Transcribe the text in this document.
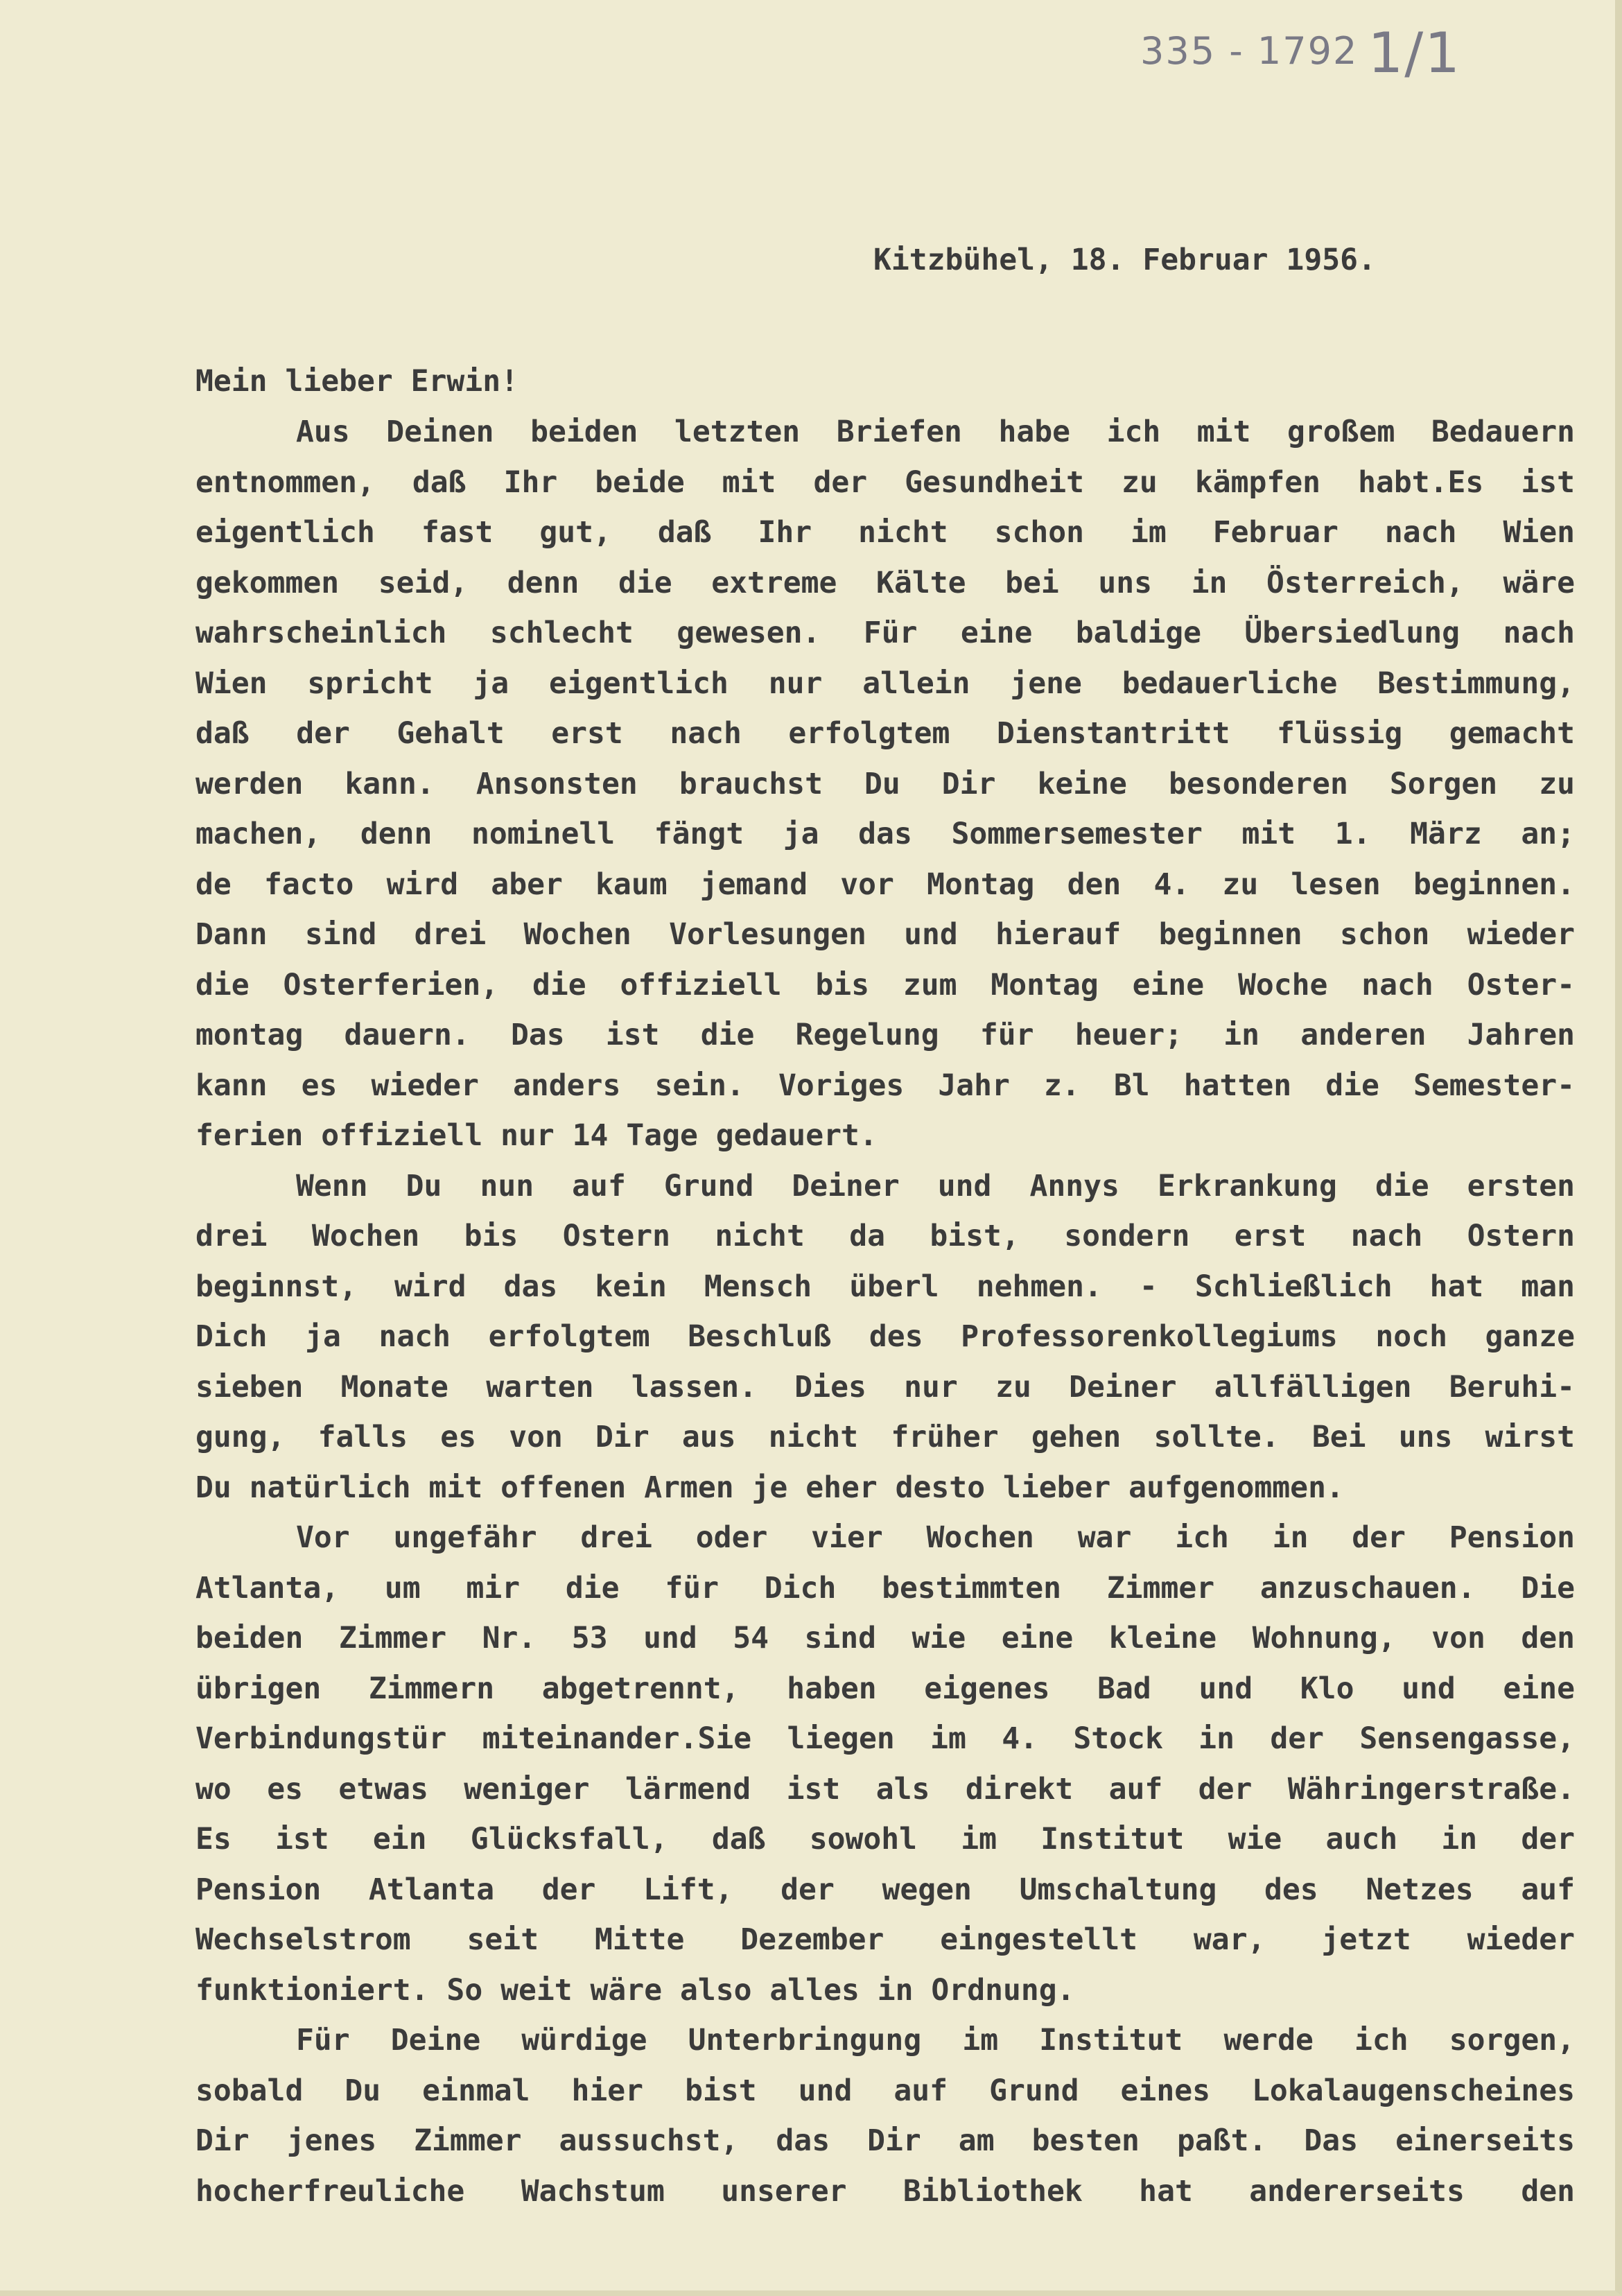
335 - 1792 1/1
Kitzbühel, 18. Februar 1956.
Mein lieber Erwin!
Aus Deinen beiden letzten Briefen habe ich mit großem Bedauern
entnommen, daß Ihr beide mit der Gesundheit zu kämpfen habt.Es ist
eigentlich fast gut, daß Ihr nicht schon im Februar nach Wien
gekommen seid, denn die extreme Kälte bei uns in Österreich, wäre
wahrscheinlich schlecht gewesen. Für eine baldige Übersiedlung nach
Wien spricht ja eigentlich nur allein jene bedauerliche Bestimmung,
daß der Gehalt erst nach erfolgtem Dienstantritt flüssig gemacht
werden kann. Ansonsten brauchst Du Dir keine besonderen Sorgen zu
machen, denn nominell fängt ja das Sommersemester mit 1. März an;
de facto wird aber kaum jemand vor Montag den 4. zu lesen beginnen.
Dann sind drei Wochen Vorlesungen und hierauf beginnen schon wieder
die Osterferien, die offiziell bis zum Montag eine Woche nach Oster-
montag dauern. Das ist die Regelung für heuer; in anderen Jahren
kann es wieder anders sein. Voriges Jahr z. Bl hatten die Semester-
ferien offiziell nur 14 Tage gedauert.
Wenn Du nun auf Grund Deiner und Annys Erkrankung die ersten
drei Wochen bis Ostern nicht da bist, sondern erst nach Ostern
beginnst, wird das kein Mensch überl nehmen. - Schließlich hat man
Dich ja nach erfolgtem Beschluß des Professorenkollegiums noch ganze
sieben Monate warten lassen. Dies nur zu Deiner allfälligen Beruhi-
gung, falls es von Dir aus nicht früher gehen sollte. Bei uns wirst
Du natürlich mit offenen Armen je eher desto lieber aufgenommen.
Vor ungefähr drei oder vier Wochen war ich in der Pension
Atlanta, um mir die für Dich bestimmten Zimmer anzuschauen. Die
beiden Zimmer Nr. 53 und 54 sind wie eine kleine Wohnung, von den
übrigen Zimmern abgetrennt, haben eigenes Bad und Klo und eine
Verbindungstür miteinander.Sie liegen im 4. Stock in der Sensengasse,
wo es etwas weniger lärmend ist als direkt auf der Währingerstraße.
Es ist ein Glücksfall, daß sowohl im Institut wie auch in der
Pension Atlanta der Lift, der wegen Umschaltung des Netzes auf
Wechselstrom seit Mitte Dezember eingestellt war, jetzt wieder
funktioniert. So weit wäre also alles in Ordnung.
Für Deine würdige Unterbringung im Institut werde ich sorgen,
sobald Du einmal hier bist und auf Grund eines Lokalaugenscheines
Dir jenes Zimmer aussuchst, das Dir am besten paßt. Das einerseits
hocherfreuliche Wachstum unserer Bibliothek hat andererseits den
